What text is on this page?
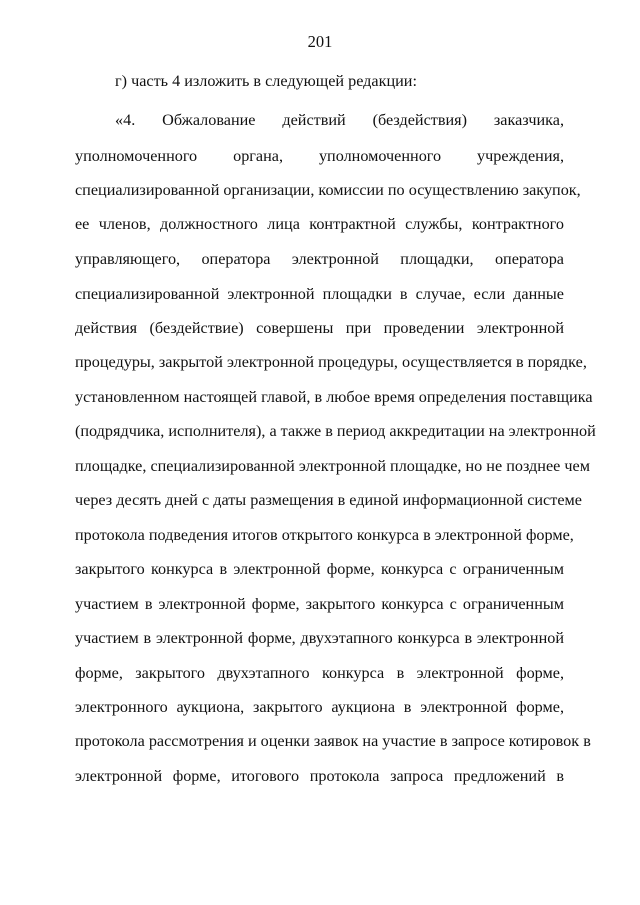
201
г) часть 4 изложить в следующей редакции:
«4. Обжалование действий (бездействия) заказчика,
уполномоченного органа, уполномоченного учреждения,
специализированной организации, комиссии по осуществлению закупок,
ее членов, должностного лица контрактной службы, контрактного
управляющего, оператора электронной площадки, оператора
специализированной электронной площадки в случае, если данные
действия (бездействие) совершены при проведении электронной
процедуры, закрытой электронной процедуры, осуществляется в порядке,
установленном настоящей главой, в любое время определения поставщика
(подрядчика, исполнителя), а также в период аккредитации на электронной
площадке, специализированной электронной площадке, но не позднее чем
через десять дней с даты размещения в единой информационной системе
протокола подведения итогов открытого конкурса в электронной форме,
закрытого конкурса в электронной форме, конкурса с ограниченным
участием в электронной форме, закрытого конкурса с ограниченным
участием в электронной форме, двухэтапного конкурса в электронной
форме, закрытого двухэтапного конкурса в электронной форме,
электронного аукциона, закрытого аукциона в электронной форме,
протокола рассмотрения и оценки заявок на участие в запросе котировок в
электронной форме, итогового протокола запроса предложений в
